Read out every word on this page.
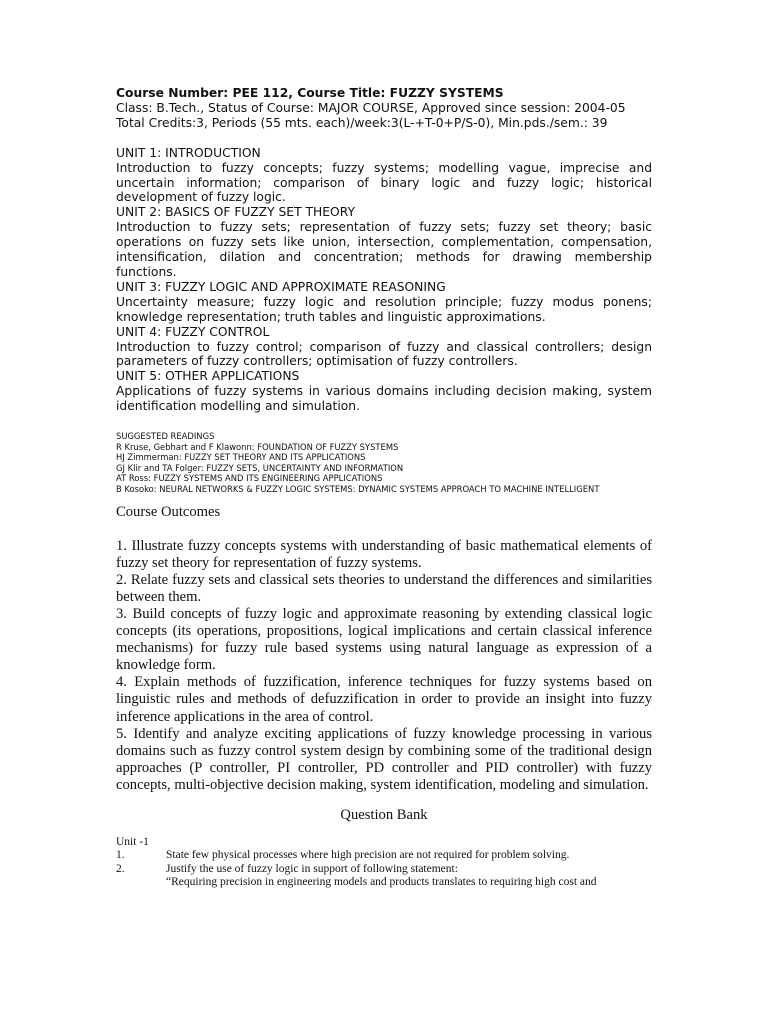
Course Number: PEE 112, Course Title: FUZZY SYSTEMS
Class: B.Tech., Status of Course: MAJOR COURSE, Approved since session: 2004-05
Total Credits:3, Periods (55 mts. each)/week:3(L-+T-0+P/S-0), Min.pds./sem.: 39
UNIT 1: INTRODUCTION
Introduction to fuzzy concepts; fuzzy systems; modelling vague, imprecise and uncertain information; comparison of binary logic and fuzzy logic; historical development of fuzzy logic.
UNIT 2: BASICS OF FUZZY SET THEORY
Introduction to fuzzy sets; representation of fuzzy sets; fuzzy set theory; basic operations on fuzzy sets like union, intersection, complementation, compensation, intensification, dilation and concentration; methods for drawing membership functions.
UNIT 3: FUZZY LOGIC AND APPROXIMATE REASONING
Uncertainty measure; fuzzy logic and resolution principle; fuzzy modus ponens; knowledge representation; truth tables and linguistic approximations.
UNIT 4: FUZZY CONTROL
Introduction to fuzzy control; comparison of fuzzy and classical controllers; design parameters of fuzzy controllers; optimisation of fuzzy controllers.
UNIT 5: OTHER APPLICATIONS
Applications of fuzzy systems in various domains including decision making, system identification modelling and simulation.
SUGGESTED READINGS
R Kruse, Gebhart and F Klawonn: FOUNDATION OF FUZZY SYSTEMS
HJ Zimmerman: FUZZY SET THEORY AND ITS APPLICATIONS
GJ Klir and TA Folger: FUZZY SETS, UNCERTAINTY AND INFORMATION
AT Ross: FUZZY SYSTEMS AND ITS ENGINEERING APPLICATIONS
B Kosoko: NEURAL NETWORKS & FUZZY LOGIC SYSTEMS: DYNAMIC SYSTEMS APPROACH TO MACHINE INTELLIGENT
Course Outcomes

1. Illustrate fuzzy concepts systems with understanding of basic mathematical elements of fuzzy set theory for representation of fuzzy systems.

2. Relate fuzzy sets and classical sets theories to understand the differences and similarities between them.

3. Build concepts of fuzzy logic and approximate reasoning by extending classical logic concepts (its operations, propositions, logical implications and certain classical inference mechanisms) for fuzzy rule based systems using natural language as expression of a knowledge form.

4. Explain methods of fuzzification, inference techniques for fuzzy systems based on linguistic rules and methods of defuzzification in order to provide an insight into fuzzy inference applications in the area of control.

5. Identify and analyze exciting applications of fuzzy knowledge processing in various domains such as fuzzy control system design by combining some of the traditional design approaches (P controller, PI controller, PD controller and PID controller) with fuzzy concepts, multi-objective decision making, system identification, modeling and simulation.

Question Bank
Unit -1
1.	State few physical processes where high precision are not required for problem solving.
2.	Justify the use of fuzzy logic in support of following statement:
“Requiring precision in engineering models and products translates to requiring high cost and
